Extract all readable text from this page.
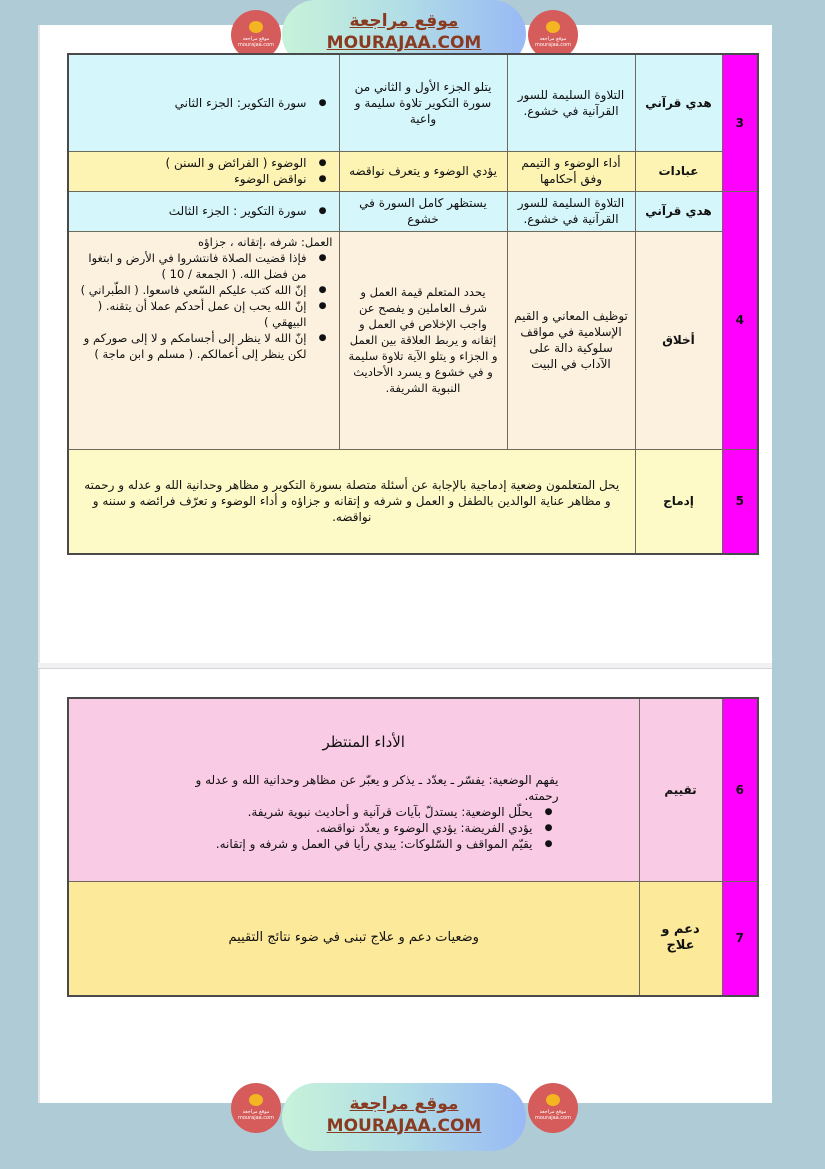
موقع مراجعة
mourajaa.com
موقع مراجعة
MOURAJAA.COM	موقع مراجعة
mourajaa.com
3	هدي قرآني	التلاوة السليمة للسور القرآنية في خشوع.	يتلو الجزء الأول و الثاني من سورة التكوير تلاوة سليمة و واعية	
● سورة التكوير: الجزء الثاني

عبادات	أداء الوضوء و التيمم وفق أحكامها	يؤدي الوضوء و يتعرف نواقضه	
● الوضوء ( الفرائض و السنن )
● نواقض الوضوء

4	هدي قرآني	التلاوة السليمة للسور القرآنية في خشوع.	يستظهر كامل السورة في خشوع	
● سورة التكوير : الجزء الثالث

أخلاق	توظيف المعاني و القيم الإسلامية في مواقف سلوكية دالة على الآداب في البيت	يحدد المتعلم قيمة العمل و شرف العاملين و يفصح عن واجب الإخلاص في العمل و إتقانه و يربط العلاقة بين العمل و الجزاء و يتلو الآية تلاوة سليمة و في خشوع و يسرد الأحاديث النبوية الشريفة.	
العمل: شرفه ،إتقانه ، جزاؤه
● فإذا قضيت الصلاة فانتشروا في الأرض و ابتغوا من فضل الله. ( الجمعة / 10 )
● إنّ الله كتب عليكم السّعي فاسعوا. ( الطّبراني )
● إنّ الله يحب إن عمل أحدكم عملا أن يتقنه. ( البيهقي )
● إنّ الله لا ينظر إلى أجسامكم و لا إلى صوركم و لكن ينظر إلى أعمالكم. ( مسلم و ابن ماجة )

5	إدماج	يحل المتعلمون وضعية إدماجية بالإجابة عن أسئلة متصلة بسورة التكوير و مظاهر وحدانية الله و عدله و رحمته و مظاهر عناية الوالدين بالطفل و العمل و شرفه و إتقانه و جزاؤه و أداء الوضوء و تعرّف فرائضه و سننه و نواقضه.		
6	تقييم	
الأداء المنتظر
يفهم الوضعية: يفسّر ـ يعدّد ـ يذكر و يعبّر عن مظاهر وحدانية الله و عدله و رحمته.
● يحلّل الوضعية: يستدلّ بآيات قرآنية و أحاديث نبوية شريفة.
● يؤدي الفريضة: يؤدي الوضوء و يعدّد نواقضه.
● يقيّم المواقف و السّلوكات: يبدي رأيا في العمل و شرفه و إتقانه.

7	دعم و علاج	وضعيات دعم و علاج تبنى في ضوء نتائج التقييم
موقع مراجعة
mourajaa.com
موقع مراجعة
MOURAJAA.COM
موقع مراجعة
mourajaa.com
